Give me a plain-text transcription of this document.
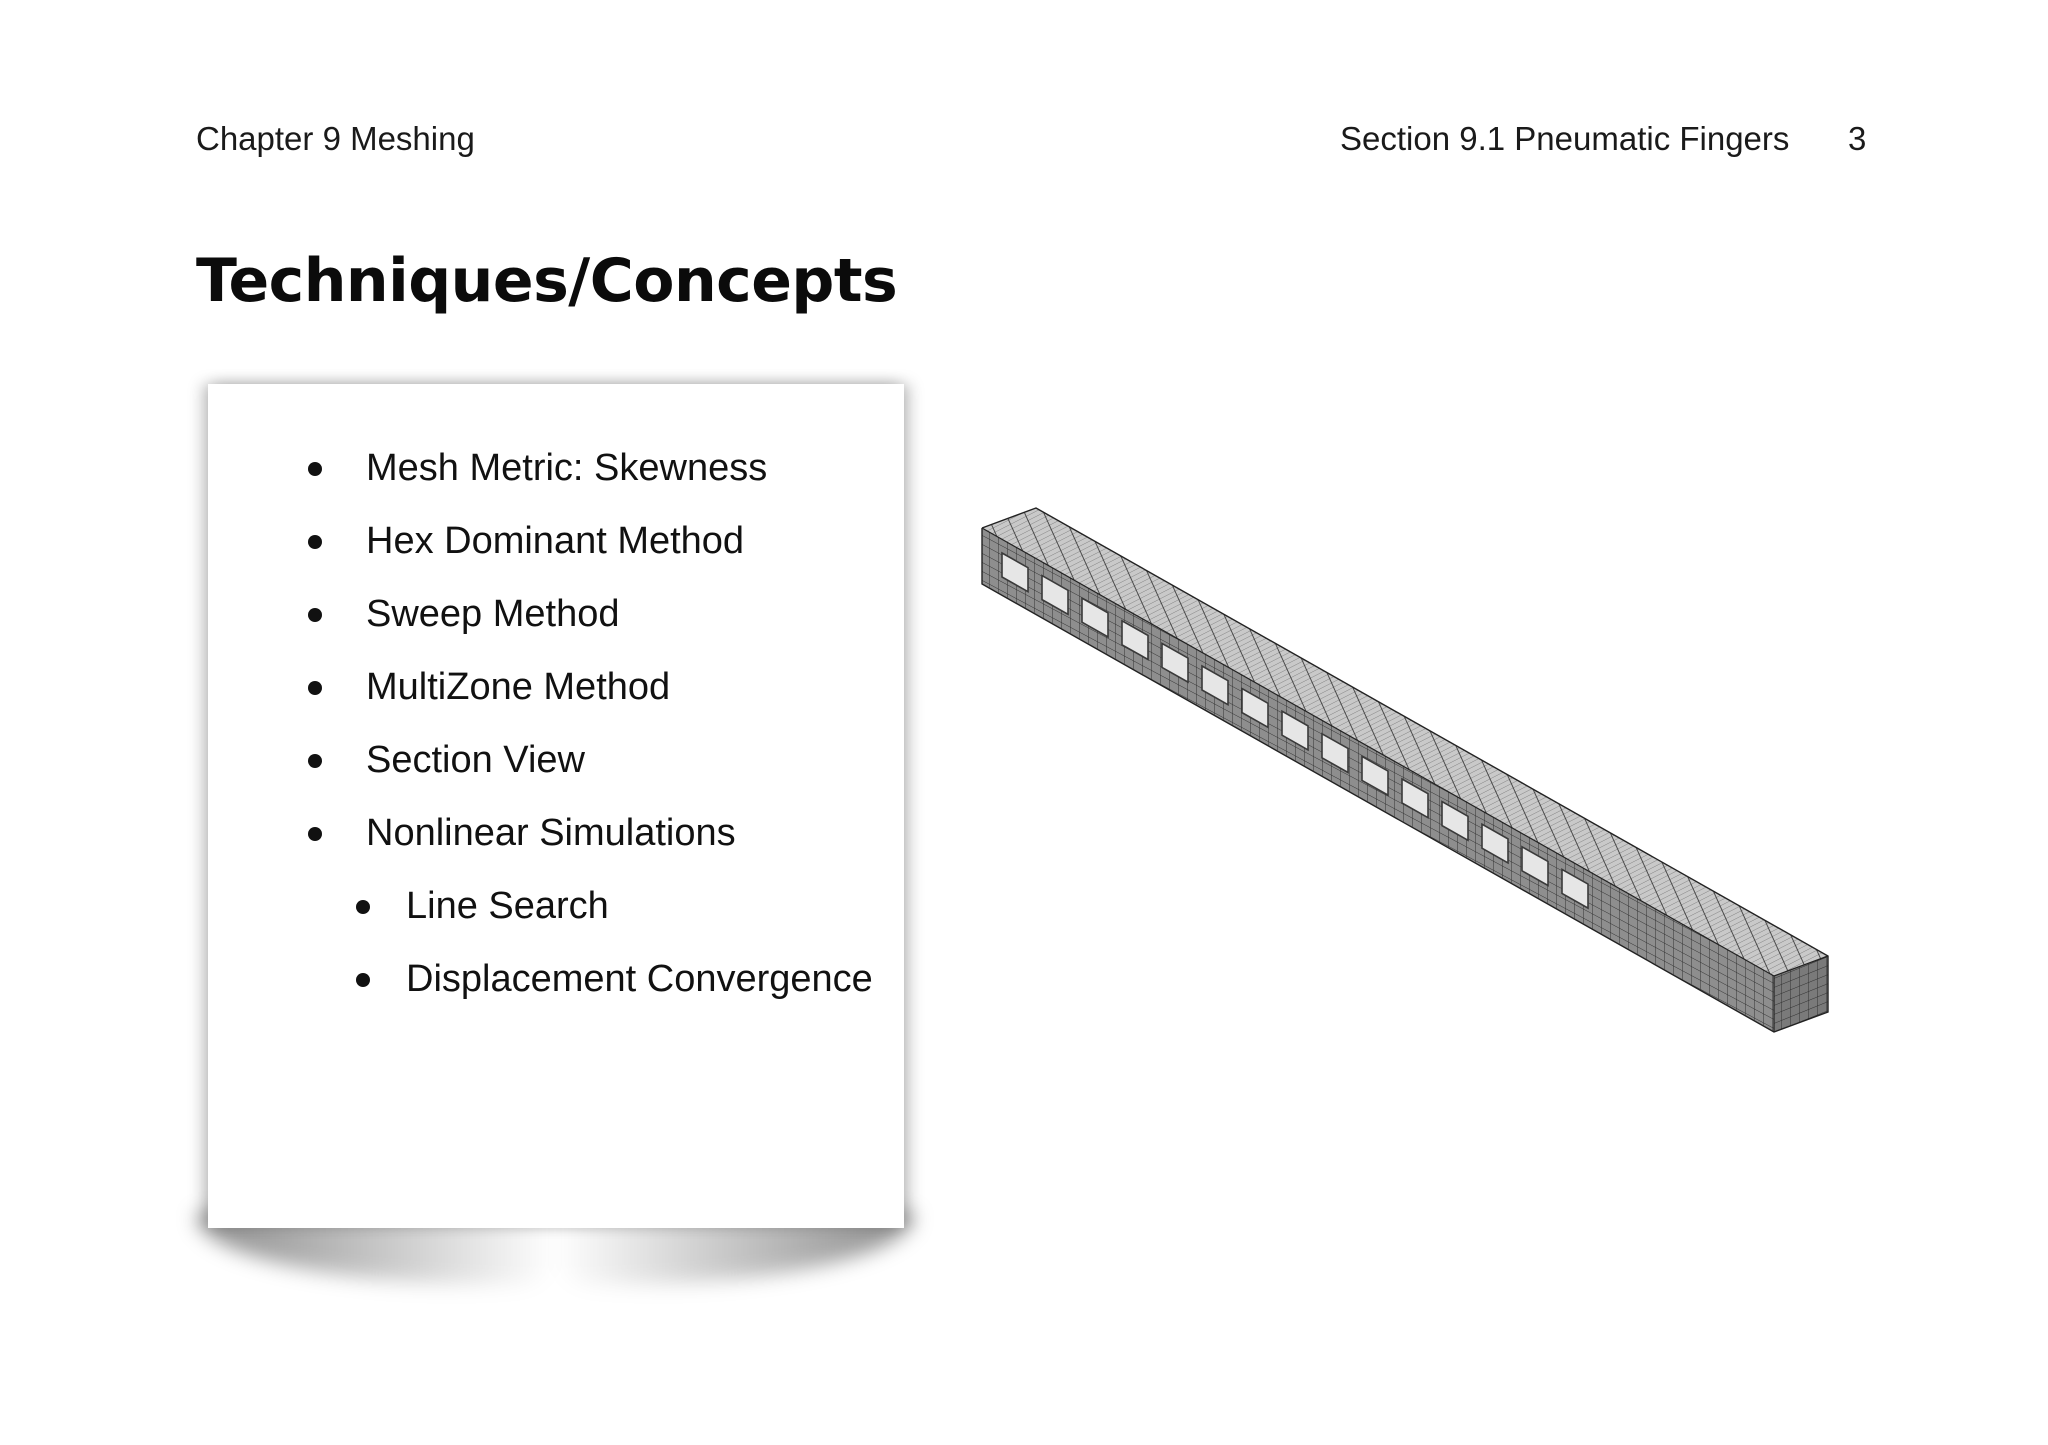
Chapter 9 Meshing	Section 9.1 Pneumatic Fingers 3
Techniques/Concepts
Mesh Metric: Skewness
Hex Dominant Method
Sweep Method
MultiZone Method
Section View
Nonlinear Simulations
Line Search
Displacement Convergence
